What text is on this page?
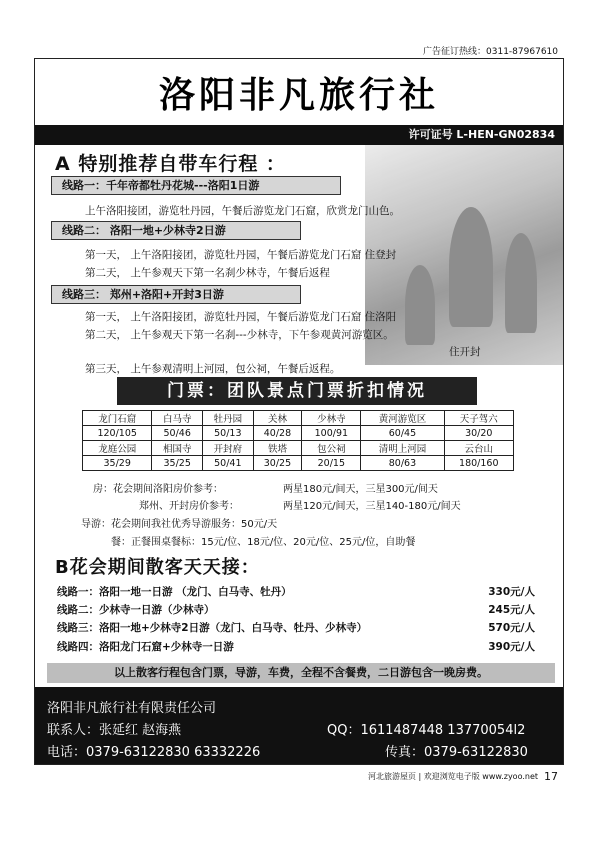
广告征订热线：0311-87967610
洛阳非凡旅行社
许可证号 L-HEN-GN02834
A 特别推荐自带车行程 ：
线路一：千年帝都牡丹花城---洛阳1日游
上午洛阳接团，游览牡丹园，午餐后游览龙门石窟，欣赏龙门山色。
线路二： 洛阳一地+少林寺2日游
第一天， 上午洛阳接团，游览牡丹园，午餐后游览龙门石窟 住登封
第二天， 上午参观天下第一名刹少林寺，午餐后返程
线路三： 郑州+洛阳+开封3日游
第一天， 上午洛阳接团，游览牡丹园，午餐后游览龙门石窟 住洛阳
第二天， 上午参观天下第一名刹---少林寺，下午参观黄河游览区。
住开封
第三天， 上午参观清明上河园，包公祠，午餐后返程。
门票：团队景点门票折扣情况
龙门石窟	白马寺	牡丹园	关林	少林寺	黄河游览区	天子驾六
120/105	50/46	50/13	40/28	100/91	60/45	30/20
龙庭公园	相国寺	开封府	铁塔	包公祠	清明上河园	云台山
35/29	35/25	50/41	30/25	20/15	80/63	180/160
房：花会期间洛阳房价参考：	两星180元/间天，三星300元/间天
郑州、开封房价参考：	两星120元/间天，三星140-180元/间天
导游：花会期间我社优秀导游服务：50元/天
餐：正餐围桌餐标：15元/位、18元/位、20元/位、25元/位，自助餐
B花会期间散客天天接：
线路一：洛阳一地一日游 （龙门、白马寺、牡丹）	330元/人
线路二：少林寺一日游（少林寺）	245元/人
线路三：洛阳一地+少林寺2日游（龙门、白马寺、牡丹、少林寺）	570元/人
线路四：洛阳龙门石窟+少林寺一日游	390元/人
以上散客行程包含门票，导游，车费，全程不含餐费，二日游包含一晚房费。
洛阳非凡旅行社有限责任公司
联系人：张延红 赵海燕	QQ：1611487448 13770054l2
电话：0379-63122830 63332226	传真：0379-63122830
河北旅游屋页 | 欢迎浏览电子版 www.zyoo.net 17
